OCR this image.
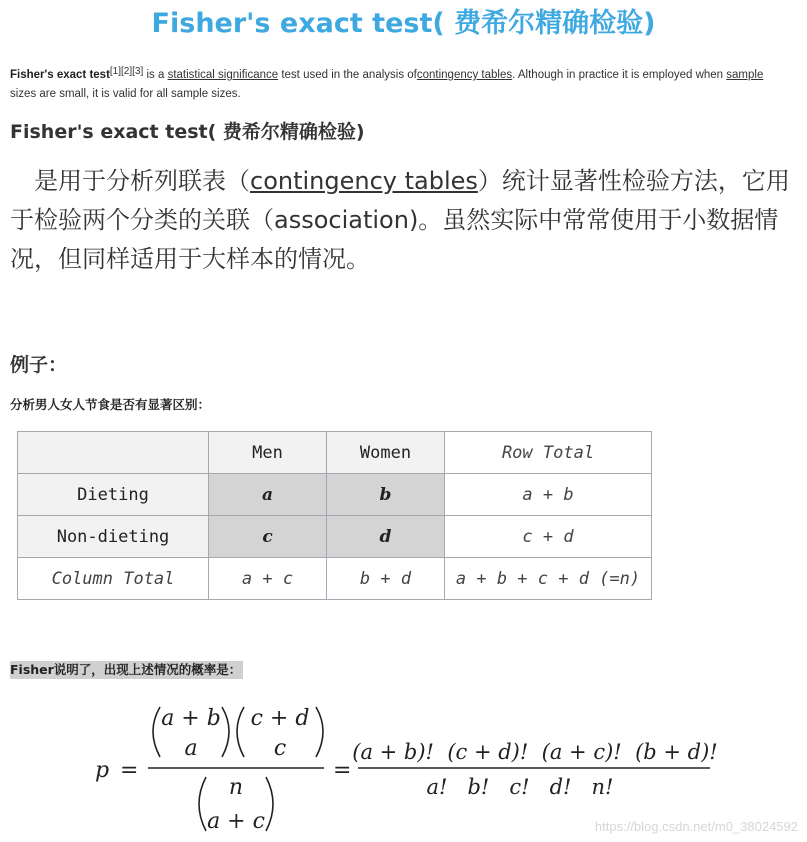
Fisher's exact test( 费希尔精确检验)
Fisher's exact test[1][2][3] is a statistical significance test used in the analysis ofcontingency tables. Although in practice it is employed when sample sizes are small, it is valid for all sample sizes.
Fisher's exact test( 费希尔精确检验)
　是用于分析列联表（contingency tables）统计显著性检验方法，它用于检验两个分类的关联（association)。虽然实际中常常使用于小数据情况，但同样适用于大样本的情况。
例子：
分析男人女人节食是否有显著区别：
	Men	Women	Row Total
Dieting	a	b	a + b
Non-dieting	c	d	c + d
Column Total	a + c	b + d	a + b + c + d (=n)
Fisher说明了，出现上述情况的概率是：
p =
a + b
a
c + d
c
n
a + c
=
(a + b)!  (c + d)!  (a + c)!  (b + d)!
a!   b!   c!   d!   n!
https://blog.csdn.net/m0_38024592
